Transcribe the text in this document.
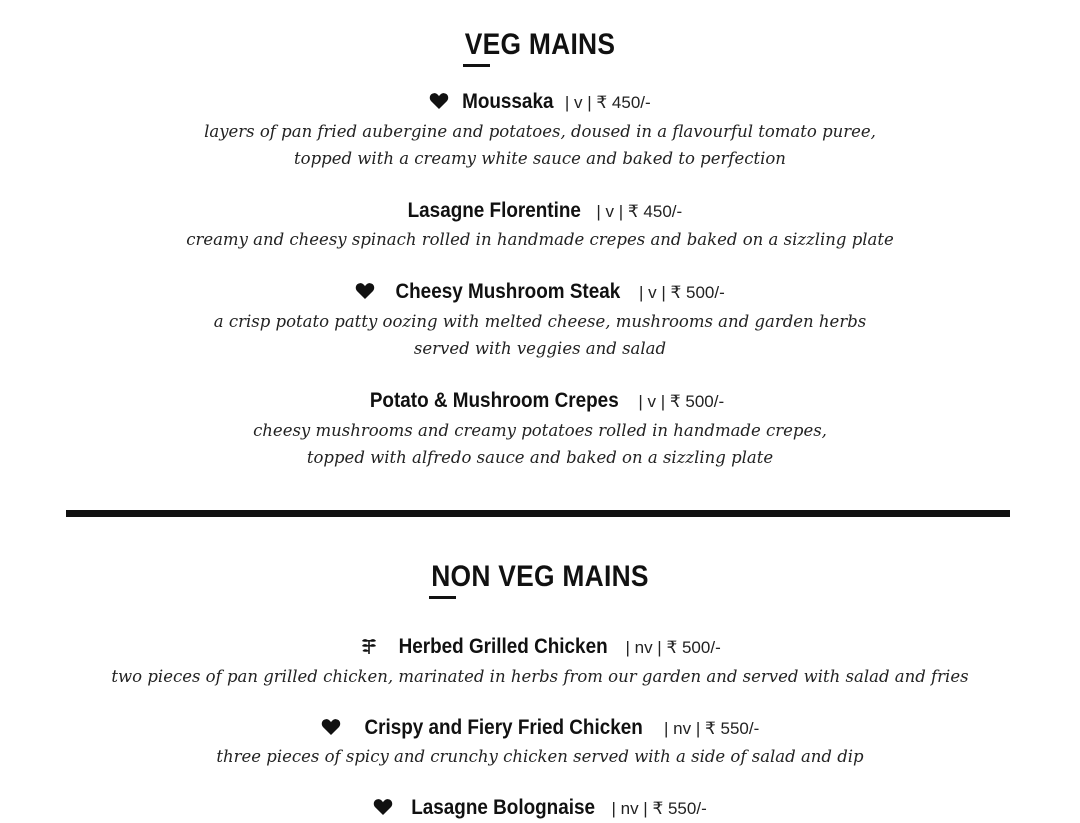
VEG MAINS
Moussaka | v | ₹ 450/-

layers of pan fried aubergine and potatoes, doused in a flavourful tomato puree,
topped with a creamy white sauce and baked to perfection

Lasagne Florentine | v | ₹ 450/-

creamy and cheesy spinach rolled in handmade crepes and baked on a sizzling plate

Cheesy Mushroom Steak | v | ₹ 500/-

a crisp potato patty oozing with melted cheese, mushrooms and garden herbs
served with veggies and salad

Potato & Mushroom Crepes | v | ₹ 500/-

cheesy mushrooms and creamy potatoes rolled in handmade crepes,
topped with alfredo sauce and baked on a sizzling plate

NON VEG MAINS
Herbed Grilled Chicken | nv | ₹ 500/-

two pieces of pan grilled chicken, marinated in herbs from our garden and served with salad and fries

Crispy and Fiery Fried Chicken | nv | ₹ 550/-

three pieces of spicy and crunchy chicken served with a side of salad and dip

Lasagne Bolognaise | nv | ₹ 550/-
